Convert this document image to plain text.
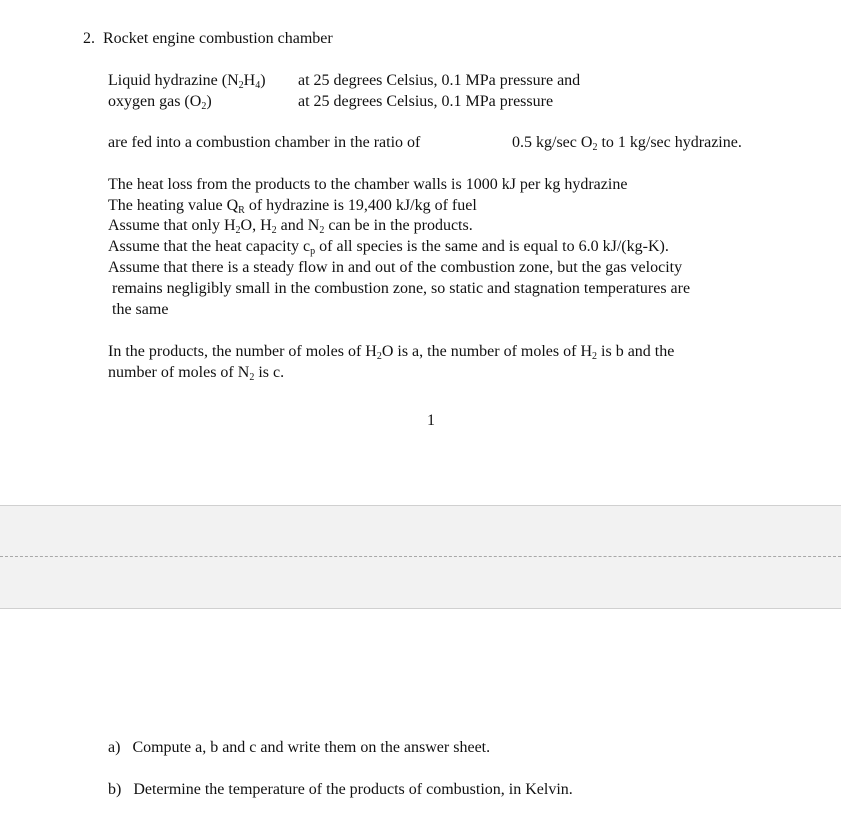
2. Rocket engine combustion chamber
Liquid hydrazine $(N_2H_4)$ at 25 degrees Celsius, 0.1 MPa pressure and
oxygen gas $(O_2)$	at 25 degrees Celsius, 0.1 MPa pressure
are fed into a combustion chamber in the ratio of	0.5 kg/sec $O_2$ to 1 kg/sec hydrazine.
The heat loss from the products to the chamber walls is 1000 kJ per kg hydrazine
The heating value $Q_R$ of hydrazine is 19,400 kJ/kg of fuel
Assume that only $H_2O$, $H_2$ and $N_2$ can be in the products.
Assume that the heat capacity $c_p$ of all species is the same and is equal to 6.0 kJ/(kg-K).
Assume that there is a steady flow in and out of the combustion zone, but the gas velocity
remains negligibly small in the combustion zone, so static and stagnation temperatures are
the same
In the products, the number of moles of $H_2O$ is a, the number of moles of $H_2$ is b and the
number of moles of $N_2$ is c.
1
a) Compute a, b and c and write them on the answer sheet.
b) Determine the temperature of the products of combustion, in Kelvin.
